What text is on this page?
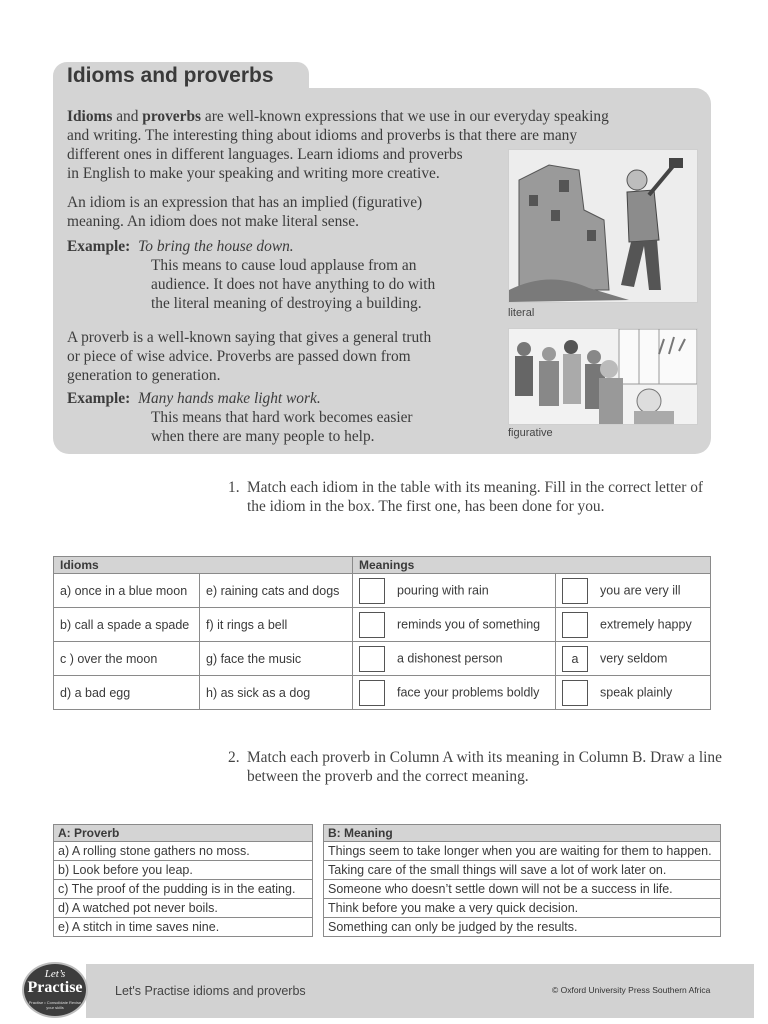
Idioms and proverbs
Idioms and proverbs are well-known expressions that we use in our everyday speaking
and writing. The interesting thing about idioms and proverbs is that there are many
different ones in different languages. Learn idioms and proverbs
in English to make your speaking and writing more creative.
An idiom is an expression that has an implied (figurative)
meaning. An idiom does not make literal sense.
Example: To bring the house down.
This means to cause loud applause from an
audience. It does not have anything to do with
the literal meaning of destroying a building.
A proverb is a well-known saying that gives a general truth
or piece of wise advice. Proverbs are passed down from
generation to generation.
Example: Many hands make light work.
This means that hard work becomes easier
when there are many people to help.
literal
figurative
1. Match each idiom in the table with its meaning. Fill in the correct letter of the idiom in the box. The first one, has been done for you.
Idioms		Meanings	
a) once in a blue moon	e) raining cats and dogs	pouring with rain	you are very ill
b) call a spade a spade	f) it rings a bell	reminds you of something	extremely happy
c ) over the moon	g) face the music	a dishonest person	a very seldom
d) a bad egg	h) as sick as a dog	face your problems boldly	speak plainly
2. Match each proverb in Column A with its meaning in Column B. Draw a line between the proverb and the correct meaning.
A: Proverb
a) A rolling stone gathers no moss.
b) Look before you leap.
c) The proof of the pudding is in the eating.
d) A watched pot never boils.
e) A stitch in time saves nine.
B: Meaning
Things seem to take longer when you are waiting for them to happen.
Taking care of the small things will save a lot of work later on.
Someone who doesn’t settle down will not be a success in life.
Think before you make a very quick decision.
Something can only be judged by the results.
Let’s
Practise
Practise • Consolidate Revise your skills
Let's Practise idioms and proverbs	© Oxford University Press Southern Africa
